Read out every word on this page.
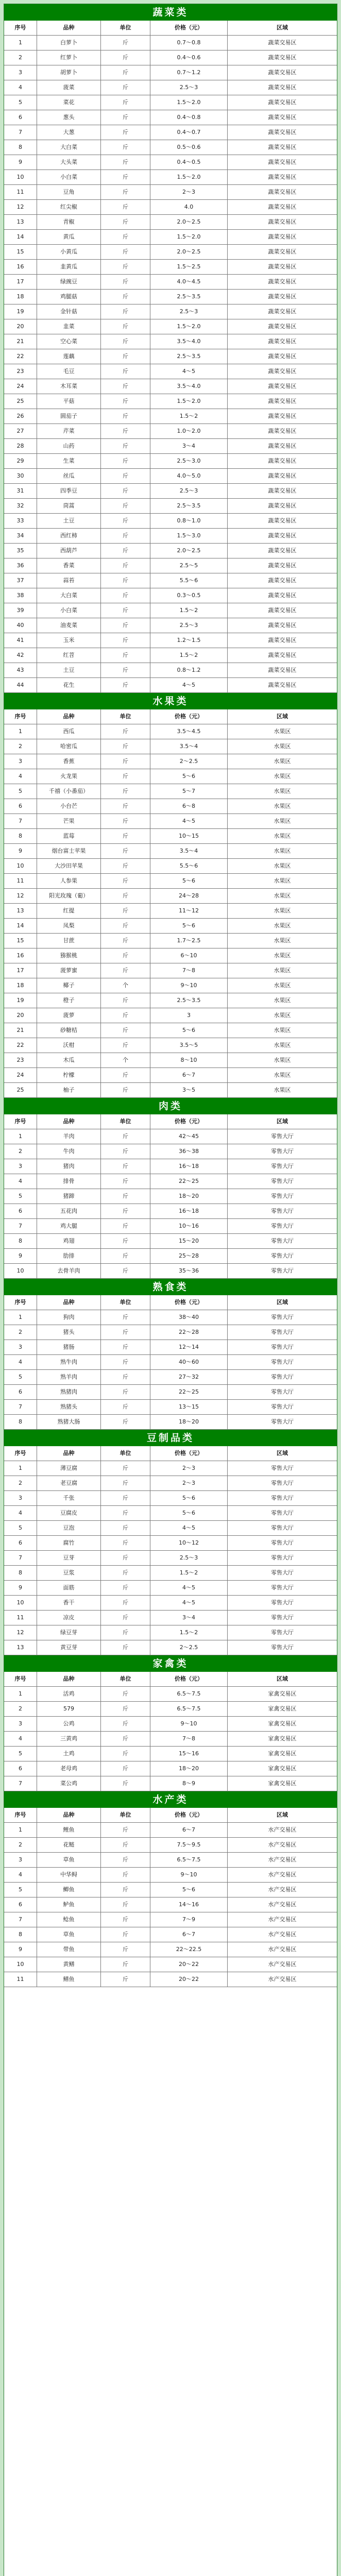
蔬菜类
序号	品种	单位	价格（元）	区域
1	白萝卜	斤	0.7～0.8	蔬菜交易区
2	红萝卜	斤	0.4～0.6	蔬菜交易区
3	胡萝卜	斤	0.7～1.2	蔬菜交易区
4	菠菜	斤	2.5～3	蔬菜交易区
5	菜花	斤	1.5～2.0	蔬菜交易区
6	葱头	斤	0.4～0.8	蔬菜交易区
7	大葱	斤	0.4～0.7	蔬菜交易区
8	大白菜	斤	0.5～0.6	蔬菜交易区
9	大头菜	斤	0.4～0.5	蔬菜交易区
10	小白菜	斤	1.5～2.0	蔬菜交易区
11	豆角	斤	2～3	蔬菜交易区
12	红尖椒	斤	4.0	蔬菜交易区
13	青椒	斤	2.0～2.5	蔬菜交易区
14	黄瓜	斤	1.5～2.0	蔬菜交易区
15	小黄瓜	斤	2.0～2.5	蔬菜交易区
16	韭黄瓜	斤	1.5～2.5	蔬菜交易区
17	绿豌豆	斤	4.0～4.5	蔬菜交易区
18	鸡腿菇	斤	2.5～3.5	蔬菜交易区
19	金针菇	斤	2.5～3	蔬菜交易区
20	韭菜	斤	1.5～2.0	蔬菜交易区
21	空心菜	斤	3.5～4.0	蔬菜交易区
22	莲藕	斤	2.5～3.5	蔬菜交易区
23	毛豆	斤	4～5	蔬菜交易区
24	木耳菜	斤	3.5～4.0	蔬菜交易区
25	平菇	斤	1.5～2.0	蔬菜交易区
26	圆茄子	斤	1.5～2	蔬菜交易区
27	芹菜	斤	1.0～2.0	蔬菜交易区
28	山药	斤	3～4	蔬菜交易区
29	生菜	斤	2.5～3.0	蔬菜交易区
30	丝瓜	斤	4.0～5.0	蔬菜交易区
31	四季豆	斤	2.5～3	蔬菜交易区
32	茼蒿	斤	2.5～3.5	蔬菜交易区
33	土豆	斤	0.8～1.0	蔬菜交易区
34	西红柿	斤	1.5～3.0	蔬菜交易区
35	西葫芦	斤	2.0～2.5	蔬菜交易区
36	香菜	斤	2.5～5	蔬菜交易区
37	蒜苔	斤	5.5～6	蔬菜交易区
38	大白菜	斤	0.3～0.5	蔬菜交易区
39	小白菜	斤	1.5～2	蔬菜交易区
40	油麦菜	斤	2.5～3	蔬菜交易区
41	玉米	斤	1.2～1.5	蔬菜交易区
42	红苕	斤	1.5～2	蔬菜交易区
43	土豆	斤	0.8～1.2	蔬菜交易区
44	花生	斤	4～5	蔬菜交易区
水果类
序号	品种	单位	价格（元）	区域
1	西瓜	斤	3.5～4.5	水果区
2	哈密瓜	斤	3.5～4	水果区
3	香蕉	斤	2～2.5	水果区
4	火龙果	斤	5～6	水果区
5	千禧（小番茄）	斤	5～7	水果区
6	小台芒	斤	6～8	水果区
7	芒果	斤	4～5	水果区
8	蓝莓	斤	10～15	水果区
9	烟台富士苹果	斤	3.5～4	水果区
10	大沙田苹果	斤	5.5～6	水果区
11	人参果	斤	5～6	水果区
12	阳光玫瑰（葡）	斤	24～28	水果区
13	红提	斤	11～12	水果区
14	凤梨	斤	5～6	水果区
15	甘蔗	斤	1.7～2.5	水果区
16	猕猴桃	斤	6～10	水果区
17	菠萝蜜	斤	7～8	水果区
18	椰子	个	9～10	水果区
19	橙子	斤	2.5～3.5	水果区
20	菠萝	斤	3	水果区
21	砂糖桔	斤	5～6	水果区
22	沃柑	斤	3.5～5	水果区
23	木瓜	个	8～10	水果区
24	柠檬	斤	6～7	水果区
25	柚子	斤	3～5	水果区
肉类
序号	品种	单位	价格（元）	区域
1	羊肉	斤	42～45	零售大厅
2	牛肉	斤	36～38	零售大厅
3	猪肉	斤	16～18	零售大厅
4	排骨	斤	22～25	零售大厅
5	猪蹄	斤	18～20	零售大厅
6	五花肉	斤	16～18	零售大厅
7	鸡大腿	斤	10～16	零售大厅
8	鸡翅	斤	15～20	零售大厅
9	肋排	斤	25～28	零售大厅
10	去骨羊肉	斤	35～36	零售大厅
熟食类
序号	品种	单位	价格（元）	区域
1	狗肉	斤	38～40	零售大厅
2	猪头	斤	22～28	零售大厅
3	猪肠	斤	12～14	零售大厅
4	熟牛肉	斤	40～60	零售大厅
5	熟羊肉	斤	27～32	零售大厅
6	熟猪肉	斤	22～25	零售大厅
7	熟猪头	斤	13～15	零售大厅
8	熟猪大肠	斤	18～20	零售大厅
豆制品类
序号	品种	单位	价格（元）	区域
1	薄豆腐	斤	2～3	零售大厅
2	老豆腐	斤	2～3	零售大厅
3	千张	斤	5～6	零售大厅
4	豆腐皮	斤	5～6	零售大厅
5	豆泡	斤	4～5	零售大厅
6	腐竹	斤	10～12	零售大厅
7	豆芽	斤	2.5～3	零售大厅
8	豆浆	斤	1.5～2	零售大厅
9	面筋	斤	4～5	零售大厅
10	香干	斤	4～5	零售大厅
11	凉皮	斤	3～4	零售大厅
12	绿豆芽	斤	1.5～2	零售大厅
13	黄豆芽	斤	2～2.5	零售大厅
家禽类
序号	品种	单位	价格（元）	区域
1	活鸡	斤	6.5～7.5	家禽交易区
2	579	斤	6.5～7.5	家禽交易区
3	公鸡	斤	9～10	家禽交易区
4	三黄鸡	斤	7～8	家禽交易区
5	土鸡	斤	15～16	家禽交易区
6	老母鸡	斤	18～20	家禽交易区
7	菜公鸡	斤	8～9	家禽交易区
水产类
序号	品种	单位	价格（元）	区域
1	鲤鱼	斤	6～7	水产交易区
2	花鲢	斤	7.5～9.5	水产交易区
3	草鱼	斤	6.5～7.5	水产交易区
4	中华鲟	斤	9～10	水产交易区
5	鲫鱼	斤	5～6	水产交易区
6	鲈鱼	斤	14～16	水产交易区
7	鲶鱼	斤	7～9	水产交易区
8	草鱼	斤	6～7	水产交易区
9	带鱼	斤	22～22.5	水产交易区
10	黄鳝	斤	20～22	水产交易区
11	鳝鱼	斤	20～22	水产交易区
